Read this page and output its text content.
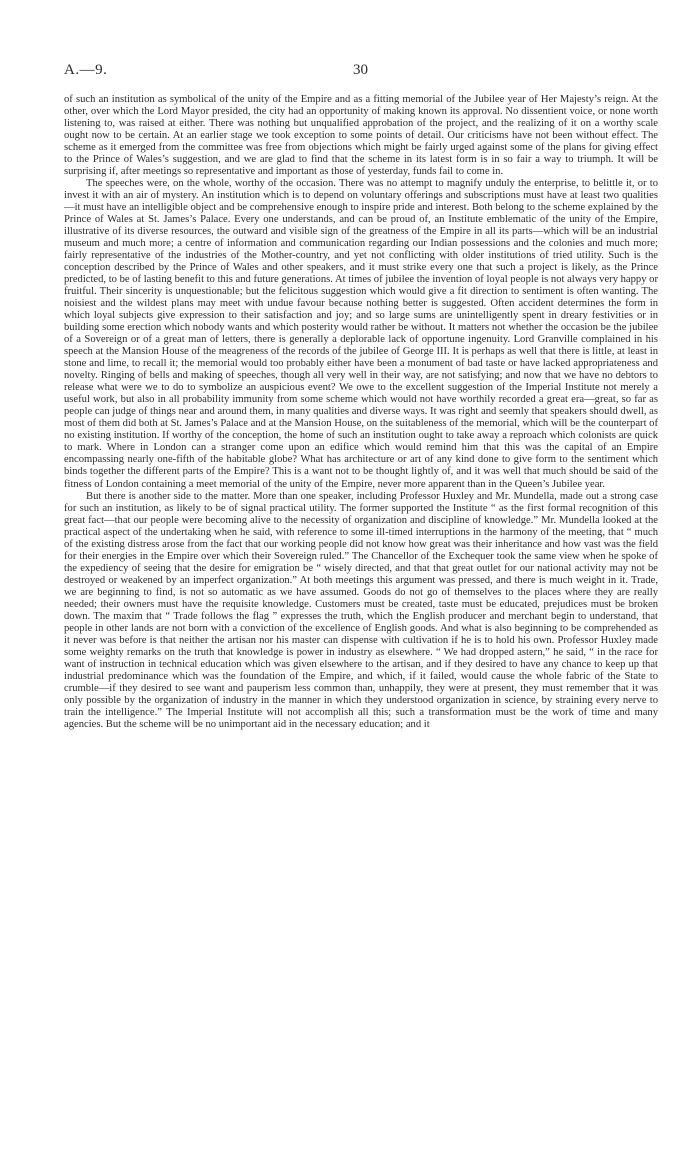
A.—9.	30

of such an institution as symbolical of the unity of the Empire and as a fitting memorial of the Jubilee year of Her Majesty’s reign. At the other, over which the Lord Mayor presided, the city had an opportunity of making known its approval. No dissentient voice, or none worth listening to, was raised at either. There was nothing but unqualified approbation of the project, and the realizing of it on a worthy scale ought now to be certain. At an earlier stage we took exception to some points of detail. Our criticisms have not been without effect. The scheme as it emerged from the committee was free from objections which might be fairly urged against some of the plans for giving effect to the Prince of Wales’s suggestion, and we are glad to find that the scheme in its latest form is in so fair a way to triumph. It will be surprising if, after meetings so representative and important as those of yesterday, funds fail to come in.

The speeches were, on the whole, worthy of the occasion. There was no attempt to magnify unduly the enterprise, to belittle it, or to invest it with an air of mystery. An institution which is to depend on voluntary offerings and subscriptions must have at least two qualities—it must have an intelligible object and be comprehensive enough to inspire pride and interest. Both belong to the scheme explained by the Prince of Wales at St. James’s Palace. Every one understands, and can be proud of, an Institute emblematic of the unity of the Empire, illustrative of its diverse resources, the outward and visible sign of the greatness of the Empire in all its parts—which will be an industrial museum and much more; a centre of information and communication regarding our Indian possessions and the colonies and much more; fairly representative of the industries of the Mother-country, and yet not conflicting with older institutions of tried utility. Such is the conception described by the Prince of Wales and other speakers, and it must strike every one that such a project is likely, as the Prince predicted, to be of lasting benefit to this and future generations. At times of jubilee the invention of loyal people is not always very happy or fruitful. Their sincerity is unquestionable; but the felicitous suggestion which would give a fit direction to sentiment is often wanting. The noisiest and the wildest plans may meet with undue favour because nothing better is suggested. Often accident determines the form in which loyal subjects give expression to their satisfaction and joy; and so large sums are unintelligently spent in dreary festivities or in building some erection which nobody wants and which posterity would rather be without. It matters not whether the occasion be the jubilee of a Sovereign or of a great man of letters, there is generally a deplorable lack of opportune ingenuity. Lord Granville complained in his speech at the Mansion House of the meagreness of the records of the jubilee of George III. It is perhaps as well that there is little, at least in stone and lime, to recall it; the memorial would too probably either have been a monument of bad taste or have lacked appropriateness and novelty. Ringing of bells and making of speeches, though all very well in their way, are not satisfying; and now that we have no debtors to release what were we to do to symbolize an auspicious event? We owe to the excellent suggestion of the Imperial Institute not merely a useful work, but also in all probability immunity from some scheme which would not have worthily recorded a great era—great, so far as people can judge of things near and around them, in many qualities and diverse ways. It was right and seemly that speakers should dwell, as most of them did both at St. James’s Palace and at the Mansion House, on the suitableness of the memorial, which will be the counterpart of no existing institution. If worthy of the conception, the home of such an institution ought to take away a reproach which colonists are quick to mark. Where in London can a stranger come upon an edifice which would remind him that this was the capital of an Empire encompassing nearly one-fifth of the habitable globe? What has architecture or art of any kind done to give form to the sentiment which binds together the different parts of the Empire? This is a want not to be thought lightly of, and it was well that much should be said of the fitness of London containing a meet memorial of the unity of the Empire, never more apparent than in the Queen’s Jubilee year.

But there is another side to the matter. More than one speaker, including Professor Huxley and Mr. Mundella, made out a strong case for such an institution, as likely to be of signal practical utility. The former supported the Institute “ as the first formal recognition of this great fact—that our people were becoming alive to the necessity of organization and discipline of knowledge.” Mr. Mundella looked at the practical aspect of the undertaking when he said, with reference to some ill-timed interruptions in the harmony of the meeting, that “ much of the existing distress arose from the fact that our working people did not know how great was their inheritance and how vast was the field for their energies in the Empire over which their Sovereign ruled.” The Chancellor of the Exchequer took the same view when he spoke of the expediency of seeing that the desire for emigration be “ wisely directed, and that that great outlet for our national activity may not be destroyed or weakened by an imperfect organization.” At both meetings this argument was pressed, and there is much weight in it. Trade, we are beginning to find, is not so automatic as we have assumed. Goods do not go of themselves to the places where they are really needed; their owners must have the requisite knowledge. Customers must be created, taste must be educated, prejudices must be broken down. The maxim that “ Trade follows the flag ” expresses the truth, which the English producer and merchant begin to understand, that people in other lands are not born with a conviction of the excellence of English goods. And what is also beginning to be comprehended as it never was before is that neither the artisan nor his master can dispense with cultivation if he is to hold his own. Professor Huxley made some weighty remarks on the truth that knowledge is power in industry as elsewhere. “ We had dropped astern,” he said, “ in the race for want of instruction in technical education which was given elsewhere to the artisan, and if they desired to have any chance to keep up that industrial predominance which was the foundation of the Empire, and which, if it failed, would cause the whole fabric of the State to crumble—if they desired to see want and pauperism less common than, unhappily, they were at present, they must remember that it was only possible by the organization of industry in the manner in which they understood organization in science, by straining every nerve to train the intelligence.” The Imperial Institute will not accomplish all this; such a transformation must be the work of time and many agencies. But the scheme will be no unimportant aid in the necessary education; and it
